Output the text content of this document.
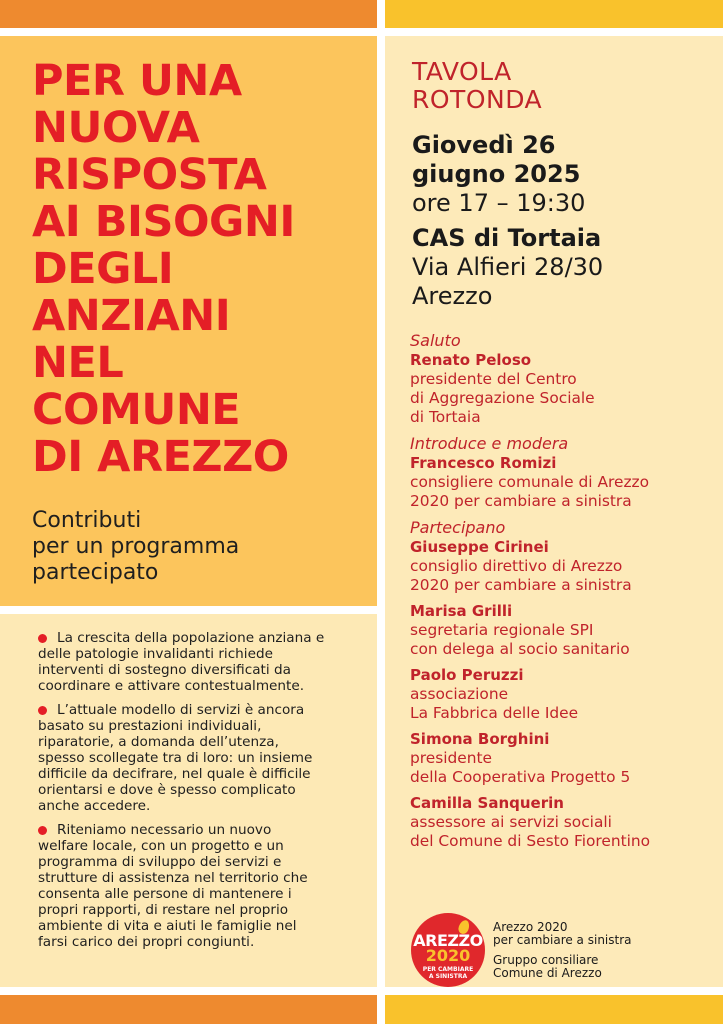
PER UNA
NUOVA
RISPOSTA
AI BISOGNI
DEGLI
ANZIANI
NEL
COMUNE
DI AREZZO
Contributi
per un programma
partecipato
La crescita della popolazione anziana e
delle patologie invalidanti richiede
interventi di sostegno diversificati da
coordinare e attivare contestualmente.
L’attuale modello di servizi è ancora
basato su prestazioni individuali,
riparatorie, a domanda dell’utenza,
spesso scollegate tra di loro: un insieme
difficile da decifrare, nel quale è difficile
orientarsi e dove è spesso complicato
anche accedere.
Riteniamo necessario un nuovo
welfare locale, con un progetto e un
programma di sviluppo dei servizi e
strutture di assistenza nel territorio che
consenta alle persone di mantenere i
propri rapporti, di restare nel proprio
ambiente di vita e aiuti le famiglie nel
farsi carico dei propri congiunti.
TAVOLA
ROTONDA
Giovedì 26
giugno 2025
ore 17 – 19:30
CAS di Tortaia
Via Alfieri 28/30
Arezzo
Saluto
Renato Peloso
presidente del Centro
di Aggregazione Sociale
di Tortaia
Introduce e modera
Francesco Romizi
consigliere comunale di Arezzo
2020 per cambiare a sinistra
Partecipano
Giuseppe Cirinei
consiglio direttivo di Arezzo
2020 per cambiare a sinistra
Marisa Grilli
segretaria regionale SPI
con delega al socio sanitario
Paolo Peruzzi
associazione
La Fabbrica delle Idee
Simona Borghini
presidente
della Cooperativa Progetto 5
Camilla Sanquerin
assessore ai servizi sociali
del Comune di Sesto Fiorentino
AREZZO
2020
PER CAMBIARE
A SINISTRA
Arezzo 2020
per cambiare a sinistra
Gruppo consiliare
Comune di Arezzo
